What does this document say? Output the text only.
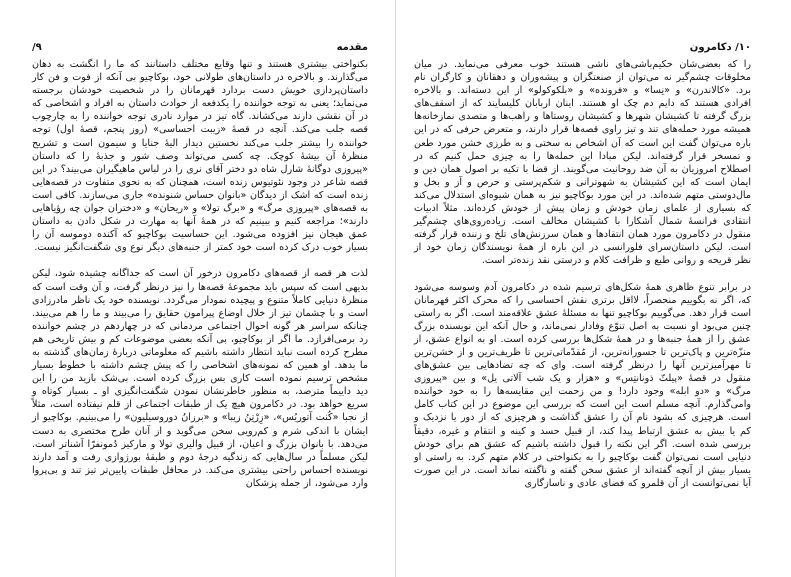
مقدمه
۹/

بکنواختی بیشتری هستند و تنها وقایع مختلف داستانند که ما را انگشت به دهان می‌گذارند. و بالاخره در داستان‌های طولانی خود، بوکاچیو بی آنکه از فوت و فن کار داستان‌پردازی خویش دست بردارد قهرمانان را در شخصیت خودشان برجسته می‌نماید؛ یعنی به توجه خواننده را یکدفعه از حوادث داستان به افراد و اشخاصی که در آن نقشی دارند می‌کشاند. گاه تیز در موارد نادری توجه خواننده را به چارچوب قصه جلب می‌کند. آنچه در قصهٔ «زیبت احساسی» (روز پنجم، قصهٔ اول) توجه خواننده را بیشتر جلب می‌کند نخستین دیدار الیهٔ جنایا و سیمون است و تشریح منظرهٔ آن بیشهٔ کوچک. چه کسی می‌تواند وصف شور و جذبهٔ را که داستان «پیروزی دوگانهٔ شارل شاه دو دختر آقای نری را در لباس ماهیگیران می‌بیند؟ در این قصه شاعر در وجود نئوتیوس زنده است، همچنان که به نحوی متفاوت در قصه‌هایی زنده است که اشک از دیدگان «بانوان حساس شنونده» جاری می‌سازند. کافی است به قصه‌های «پیروزی مرگ» و «برگ تولا» و «ریحان» و «دختران جوان چه رؤیاهایی دارند»؛ مراجعه کنیم و ببینیم که در همهٔ آنها به مهارت در شکل دادن به داستان عمق هیجان نیز افزوده می‌شود. این حساسیت بوکاچیو که آکنده دوموسه آن را بسیار خوب درک کرده است خود کمتر از جنبه‌های دیگر نوع وی شگفت‌انگیز نیست.

لذت هر قصه از قصه‌های دکامرون درخور آن است که جداگانه چشیده شود، لیکن بدیهی است که سپس باید مجموعهٔ قصه‌ها را نیز درنظر گرفت، و آن وقت است که منظرهٔ دنیایی کاملاً متنوع و پیچیده نمودار می‌گردد. نویسنده خود یک ناظر مادرزادی است و با چشمان تیز از خلال اوضاع پیرامون حقایق را می‌بیند و ما را هم می‌بیند. چنانکه سراسر هر گونه احوال اجتماعی مردمانی که در چهاردهم در چشم خواننده رد برمی‌افرازد. ما اگر از بوکاچیو، بی آنکه بعضی موضوعات کم و بیش تاریخی هم مطرح کرده است نباید انتظار داشته باشیم که معلوماتی دربارهٔ زمان‌های گذشته به ما بدهد. او همین که نمونه‌های اشخاصی را که پیش چشم داشته با خطوط بسیار مشخص ترسیم نموده است کاری بس بزرگ کرده است. بی‌شک بازید من را این دید داییماً مترصد، به منظور خاطرنشان نمودن شگفت‌انگیزی او ـ بسیار کوتاه و سریع خواهد بود. در دکامرون هیچ یک از طبقات اجتماعی از قلم نیفتاده است، مثلاً از نجبا «کُنت آتوریُس»، «زِرْتِنُ زیبا» و «برزانُ دوروسیلیون» را می‌بینیم. بوکاچیو از ایشان با اندکی شرم و کم‌رویی سخن می‌گوید و از آنان طرح مختصری به دست می‌دهد. با بانوان بزرگ و اعیان، از قبیل والیری تولا و مارکیز دُمونفرّا آشناتر است. لیکن مسلماً در سال‌هایی که زندگیه درجهٔ دوم و طبقهٔ بورژوازی رفت و آمد دارند نویسنده احساس راحتی بیشتری می‌کند. در محافل طبقات پایین‌تر تیز تند و بی‌پروا وارد می‌شود، از جمله پزشکان

۱۰/ دکامرون

را که بعضی‌شان حکیم‌باشی‌های ناشی هستند خوب معرفی می‌نماید. در میان مخلوقات چشم‌گیر نه می‌توان از صنعتگران و پیشه‌وران و دهقانان و کارگران نام برد. «کالاندرن» و «نِسا» و «فرونده» و «بلکوکولو» از این دسته‌اند. و بالاخره افرادی هستند که دایم دم چک او هستند. اینان اربابان کلیسایند که از اسقف‌های بزرگ گرفته تا کشیشان شهرها و کشیشان روستاها و راهب‌ها و متصدی نمازخانه‌ها همیشه مورد حمله‌های تند و تیز راوی قصه‌ها قرار دارند، و متعرض حرفی که در این باره می‌توان گفت این است که آن اشخاص به سختی و به طرزی خشن مورد طعن و تمسخر قرار گرفته‌اند. لیکن مبادا این حمله‌ها را به چیزی حمل کنیم که در اصطلاح امروزیان به آن ضد روحانیت می‌گویند. از قضا با تکیه بر اصول همان دین و ایمان است که این کشیشان به شهوترانی و شکم‌پرستی و حرص و آز و بخل و مال‌دوستی متهم شده‌اند. در این مورد بوکاچیو نیز به همان شیوه‌ای استدلال می‌کند که بسیاری از علمای زمان خودش و زمان پیش از خودش کرده‌اند. مثلاً ادبیات انتقادی فرانسهٔ شمال آشکارا با کشیشان مخالف است. زیاده‌روی‌های چشم‌گیر منقول در دکامرون مورد همان انتقادها و همان سرزنش‌های تلخ و زننده قرار گرفته است. لیکن داستان‌سرای فلورانسی در این باره از همهٔ نویسندگان زمان خود از نظر قریحه و روانی طبع و ظرافت کلام و درستی نقد زنده‌تر است.

در برابر تنوع ظاهری همهٔ شکل‌های ترسیم شده در دکامرون آدم وسوسه می‌شود که، اگر نه بگوییم منحصراً، لااقل برتری نقش احساسی را که محرک اکثر قهرمانان است قرار دهد. می‌گوییم بوکاچیو تنها به مسئلهٔ عشق علاقه‌مند است. اگر به راستی چنین می‌بود او نسبت به اصل تنوّع وفادار نمی‌ماند، و حال آنکه این نویسنده بزرگ عشق را از همهٔ جنبه‌ها و در همهٔ شکل‌ها بررسی کرده است. او به انواع عشق، از منزّه‌ترین و پاک‌ترین تا جسورانه‌ترین، از مُقدّماتی‌ترین تا ظریف‌ترین و از خشن‌ترین تا مهرآمیزترین آنها را درنظر گرفته است. وای که چه تضادهایی بین عشق‌های منقول در قصهٔ «پیلتّ ذونانتِس» و «هزار و یک شب آلاتی یل» و بین «پیروزی مرگ» و «دو ابله» وجود دارد! و من زحمت این مقایسه‌ها را به خود خواننده وامی‌گذارم. آنچه مسلم است این است که بررسی این موضوع در این کتاب کامل است. هرچیزی که بشود نام آن را عشق گذاشت و هرچیزی که از دور یا نزدیک و کم یا بیش به عشق ارتباط پیدا کند، از قبیل حسد و کینه و انتقام و غیره، دقیقاً بررسی شده است. اگر این نکته را قبول داشته باشیم که عشق هم برای خودش دنیایی است نمی‌توان گفت بوکاچیو را به یکنواختی در کلام متهم کرد. به راستی او بسیار بیش از آنچه گفته‌اند از عشق سخن گفته و ناگفته نماند است. در این صورت آیا نمی‌توانست از آن قلمرو که فضای عادی و ناسازگاری
